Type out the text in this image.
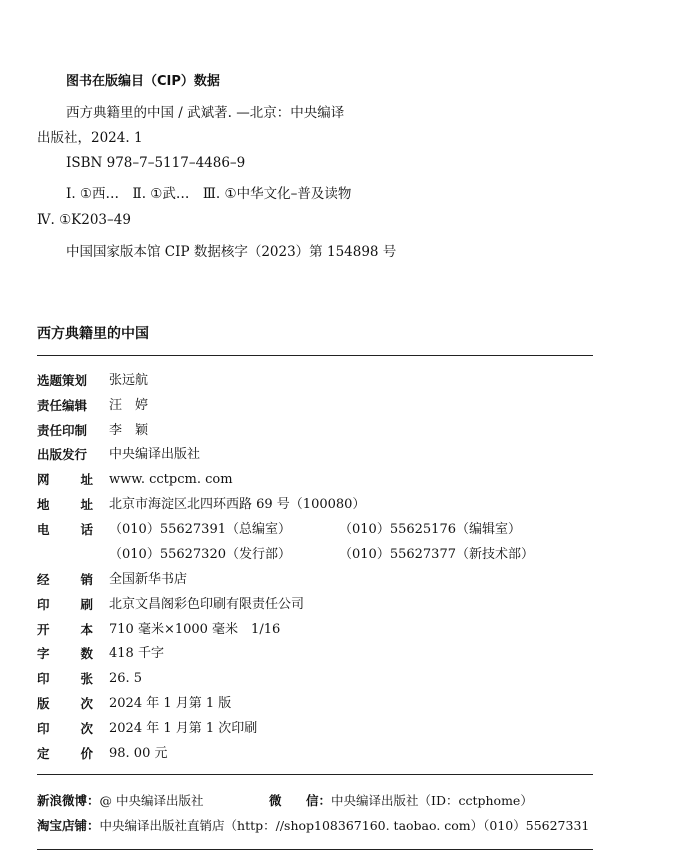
图书在版编目（CIP）数据
西方典籍里的中国 / 武斌著. —北京：中央编译
出版社，2024. 1
ISBN 978–7–5117–4486–9
Ⅰ. ①西…　Ⅱ. ①武…　Ⅲ. ①中华文化–普及读物
Ⅳ. ①K203–49
中国国家版本馆 CIP 数据核字（2023）第 154898 号
西方典籍里的中国
选题策划	张远航
责任编辑	汪　婷
责任印制	李　颖
出版发行	中央编译出版社
网 址 www. cctpcm. com
地 址 北京市海淀区北四环西路 69 号（100080）
电 话 （010）55627391（总编室）	（010）55625176（编辑室）
（010）55627320（发行部）	（010）55627377（新技术部）
经 销 全国新华书店
印 刷 北京文昌阁彩色印刷有限责任公司
开 本 710 毫米×1000 毫米　1/16
字 数 418 千字
印 张 26. 5
版 次 2024 年 1 月第 1 版
印 次 2024 年 1 月第 1 次印刷
定 价 98. 00 元
新浪微博：@ 中央编译出版社	微 信： 中央编译出版社（ID：cctphome）
淘宝店铺：中央编译出版社直销店（http：//shop108367160. taobao. com）（010）55627331
